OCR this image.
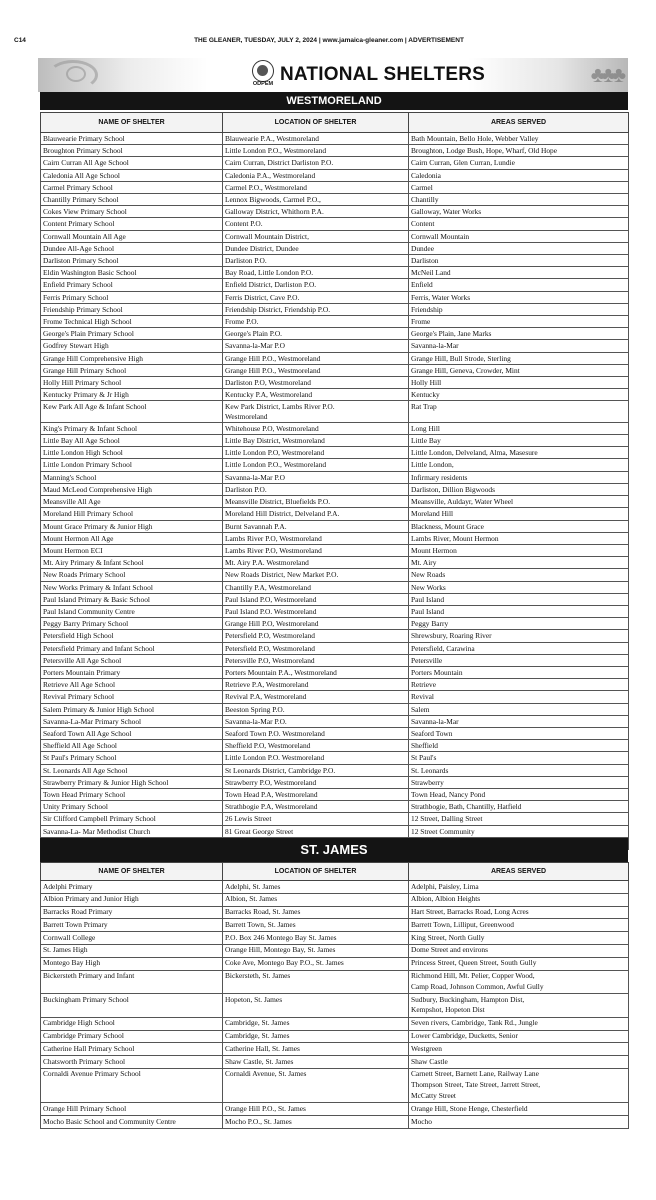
C14	THE GLEANER, TUESDAY, JULY 2, 2024 | www.jamaica-gleaner.com | ADVERTISEMENT
ODPEM NATIONAL SHELTERS	♣♣♣
WESTMORELAND
NAME OF SHELTER	LOCATION OF SHELTER	AREAS SERVED
Blauwearie Primary School	Blauwearie P.A., Westmoreland	Bath Mountain, Bello Hole, Webber Valley
Broughton Primary School	Little London P.O., Westmoreland	Broughton, Lodge Bush, Hope, Wharf, Old Hope
Cairn Curran All Age School	Cairn Curran, District Darliston P.O.	Cairn Curran, Glen Curran, Lundie
Caledonia All Age School	Caledonia P.A., Westmoreland	Caledonia
Carmel Primary School	Carmel P.O., Westmoreland	Carmel
Chantilly Primary School	Lennox Bigwoods, Carmel P.O.,	Chantilly
Cokes View Primary School	Galloway District, Whithorn P.A.	Galloway, Water Works
Content Primary School	Content P.O.	Content
Cornwall Mountain All Age	Cornwall Mountain District,	Cornwall Mountain
Dundee All-Age School	Dundee District, Dundee	Dundee
Darliston Primary School	Darliston P.O.	Darliston
Eldin Washington Basic School	Bay Road, Little London P.O.	McNeil Land
Enfield Primary School	Enfield District, Darliston P.O.	Enfield
Ferris Primary School	Ferris District, Cave P.O.	Ferris, Water Works
Friendship Primary School	Friendship District, Friendship P.O.	Friendship
Frome Technical High School	Frome P.O.	Frome
George's Plain Primary School	George's Plain P.O.	George's Plain, Jane Marks
Godfrey Stewart High	Savanna-la-Mar P.O	Savanna-la-Mar
Grange Hill Comprehensive High	Grange Hill P.O., Westmoreland	Grange Hill, Bull Strode, Sterling
Grange Hill Primary School	Grange Hill P.O., Westmoreland	Grange Hill, Geneva, Crowder, Mint
Holly Hill Primary School	Darliston P.O, Westmoreland	Holly Hill
Kentucky Primary & Jr High	Kentucky P.A, Westmoreland	Kentucky
Kew Park All Age & Infant School	Kew Park District, Lambs River P.O.
Westmoreland	Rat Trap
King's Primary & Infant School	Whitehouse P.O, Westmoreland	Long Hill
Little Bay All Age School	Little Bay District, Westmoreland	Little Bay
Little London High School	Little London P.O, Westmoreland	Little London, Delveland, Alma, Masesure
Little London Primary School	Little London P.O., Westmoreland	Little London,
Manning's School	Savanna-la-Mar P.O	Infirmary residents
Maud McLeod Comprehensive High	Darliston P.O.	Darliston, Dillion Bigwoods
Meansville All Age	Meansville District, Bluefields P.O.	Meansville, Auldayr, Water Wheel
Moreland Hill Primary School	Moreland Hill District, Delveland P.A.	Moreland Hill
Mount Grace Primary & Junior High	Burnt Savannah P.A.	Blackness, Mount Grace
Mount Hermon All Age	Lambs River P.O, Westmoreland	Lambs River, Mount Hermon
Mount Hermon ECI	Lambs River P.O, Westmoreland	Mount Hermon
Mt. Airy Primary & Infant School	Mt. Airy P.A. Westmoreland	Mt. Airy
New Roads Primary School	New Roads District, New Market P.O.	New Roads
New Works Primary & Infant School	Chantilly P.A, Westmoreland	New Works
Paul Island Primary & Basic School	Paul Island P.O, Westmoreland	Paul Island
Paul Island Community Centre	Paul Island P.O. Westmoreland	Paul Island
Peggy Barry Primary School	Grange Hill P.O, Westmoreland	Peggy Barry
Petersfield High School	Petersfield P.O, Westmoreland	Shrewsbury, Roaring River
Petersfield Primary and Infant School	Petersfield P.O, Westmoreland	Petersfield, Carawina
Petersville All Age School	Petersville P.O, Westmoreland	Petersville
Porters Mountain Primary	Porters Mountain P.A., Westmoreland	Porters Mountain
Retrieve All Age School	Retrieve P.A, Westmoreland	Retrieve
Revival Primary School	Revival P.A, Westmoreland	Revival
Salem Primary & Junior High School	Beeston Spring P.O.	Salem
Savanna-La-Mar Primary School	Savanna-la-Mar P.O.	Savanna-la-Mar
Seaford Town All Age School	Seaford Town P.O. Westmoreland	Seaford Town
Sheffield All Age School	Sheffield P.O, Westmoreland	Sheffield
St Paul's Primary School	Little London P.O. Westmoreland	St Paul's
St. Leonards All Age School	St Leonards District, Cambridge P.O.	St. Leonards
Strawberry Primary & Junior High School	Strawberry P.O, Westmoreland	Strawberry
Town Head Primary School	Town Head P.A, Westmoreland	Town Head, Nancy Pond
Unity Primary School	Strathbogie P.A, Westmoreland	Strathbogie, Bath, Chantilly, Hatfield
Sir Clifford Campbell Primary School	26 Lewis Street	12 Street, Dalling Street
Savanna-La- Mar Methodist Church	81 Great George Street	12 Street Community

ST. JAMES
NAME OF SHELTER	LOCATION OF SHELTER	AREAS SERVED
Adelphi Primary	Adelphi, St. James	Adelphi, Paisley, Lima
Albion Primary and Junior High	Albion, St. James	Albion, Albion Heights
Barracks Road Primary	Barracks Road, St. James	Hart Street, Barracks Road, Long Acres
Barrett Town Primary	Barrett Town, St. James	Barrett Town, Lilliput, Greenwood
Cornwall College	P.O. Box 246 Montego Bay St. James	King Street, North Gully
St. James High	Orange Hill, Montego Bay, St. James	Dome Street and environs
Montego Bay High	Coke Ave, Montego Bay P.O., St. James	Princess Street, Queen Street, South Gully
Bickersteth Primary and Infant	Bickersteth, St. James	Richmond Hill, Mt. Pelier, Copper Wood,
Camp Road, Johnson Common, Awful Gully
Buckingham Primary School	Hopeton, St. James	Sudbury, Buckingham, Hampton Dist,
Kempshot, Hopeton Dist
Cambridge High School	Cambridge, St. James	Seven rivers, Cambridge, Tank Rd., Jungle
Cambridge Primary School	Cambridge, St. James	Lower Cambridge, Ducketts, Senior
Catherine Hall Primary School	Catherine Hall, St. James	Westgreen
Chatsworth Primary School	Shaw Castle, St. James	Shaw Castle
Cornaldi Avenue Primary School	Cornaldi Avenue, St. James	Carnett Street, Barnett Lane, Railway Lane
Thompson Street, Tate Street, Jarrett Street,
McCatty Street
Orange Hill Primary School	Orange Hill P.O., St. James	Orange Hill, Stone Henge, Chesterfield
Mocho Basic School and Community Centre	Mocho P.O., St. James	Mocho
